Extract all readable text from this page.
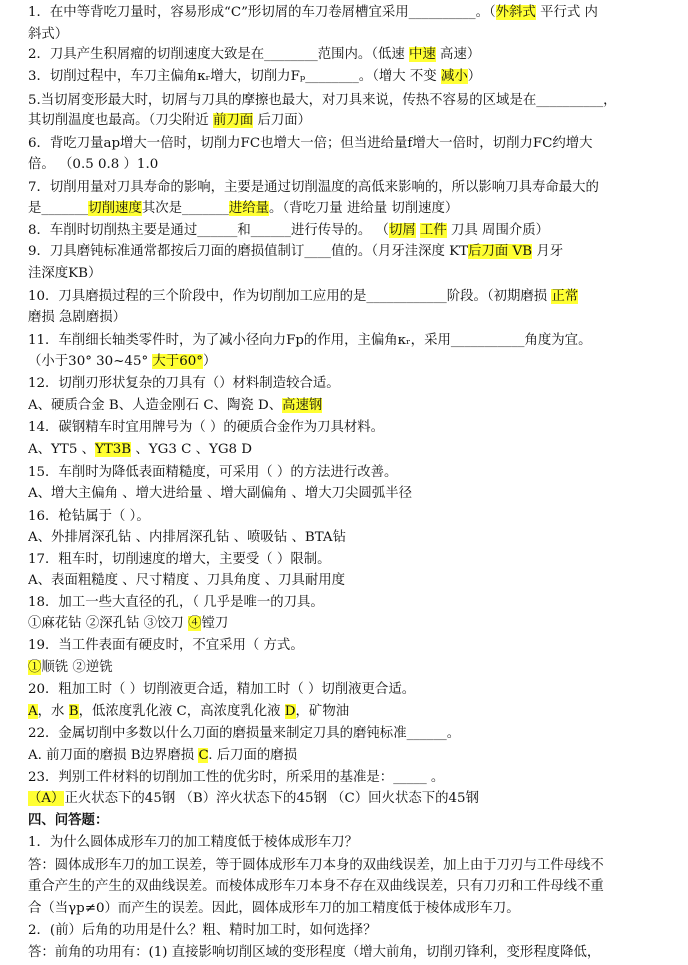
1．在中等背吃刀量时，容易形成“C”形切屑的车刀卷屑槽宜采用__________。（外斜式 平行式 内
斜式）
2．刀具产生积屑瘤的切削速度大致是在________范围内。（低速 中速 高速）
3．切削过程中，车刀主偏角κᵣ增大，切削力Fₚ________。（增大 不变 减小）
5.当切屑变形最大时，切屑与刀具的摩擦也最大，对刀具来说，传热不容易的区域是在__________，
其切削温度也最高。（刀尖附近 前刀面 后刀面）
6．背吃刀量ap增大一倍时，切削力FC也增大一倍；但当进给量f增大一倍时，切削力FC约增大
倍。 （0.5 0.8 ）1.0
7．切削用量对刀具寿命的影响，主要是通过切削温度的高低来影响的，所以影响刀具寿命最大的
是_______切削速度其次是_______进给量。（背吃刀量 进给量 切削速度）
8．车削时切削热主要是通过______和______进行传导的。 （切屑 工件 刀具 周围介质）
9．刀具磨钝标准通常都按后刀面的磨损值制订____值的。（月牙洼深度 KT后刀面 VB 月牙
洼深度KB）
10．刀具磨损过程的三个阶段中，作为切削加工应用的是____________阶段。（初期磨损 正常
磨损 急剧磨损）
11．车削细长轴类零件时，为了减小径向力Fp的作用，主偏角κᵣ，采用___________角度为宜。
（小于30° 30~45° 大于60°）
12．切削刃形状复杂的刀具有（）材料制造较合适。
A、硬质合金 B、人造金刚石 C、陶瓷 D、高速钢
14．碳钢精车时宜用牌号为（ ）的硬质合金作为刀具材料。
A、YT5 、YT3B 、YG3 C 、YG8 D
15．车削时为降低表面精糙度，可采用（ ）的方法进行改善。
A、增大主偏角 、增大进给量 、增大副偏角 、增大刀尖圆弧半径
16．枪钻属于（ ）。
A、外排屑深孔钻 、内排屑深孔钻 、喷吸钻 、BTA钻
17．粗车时，切削速度的增大，主要受（ ）限制。
A、表面粗糙度 、尺寸精度 、刀具角度 、刀具耐用度
18．加工一些大直径的孔，（ 几乎是唯一的刀具。
①麻花钻 ②深孔钻 ③饺刀 ④镗刀
19．当工件表面有硬皮时，不宜采用（ 方式。
①顺铣 ②逆铣
20．粗加工时（ ）切削液更合适，精加工时（ ）切削液更合适。
A，水 B，低浓度乳化液 C，高浓度乳化液 D，矿物油
22．金属切削中多数以什么刀面的磨损量来制定刀具的磨钝标准______。
A. 前刀面的磨损 B边界磨损 C. 后刀面的磨损
23．判别工件材料的切削加工性的优劣时，所采用的基准是：_____ 。
（A）正火状态下的45钢 （B）淬火状态下的45钢 （C）回火状态下的45钢
四、问答题：
1．为什么圆体成形车刀的加工精度低于棱体成形车刀？
答：圆体成形车刀的加工误差，等于圆体成形车刀本身的双曲线误差，加上由于刀刃与工件母线不
重合产生的产生的双曲线误差。而棱体成形车刀本身不存在双曲线误差，只有刀刃和工件母线不重
合（当γp≠0）而产生的误差。因此，圆体成形车刀的加工精度低于棱体成形车刀。
2．(前）后角的功用是什么？粗、精时加工时，如何选择？
答：前角的功用有：(1) 直接影响切削区域的变形程度（增大前角，切削刃锋利，变形程度降低，
